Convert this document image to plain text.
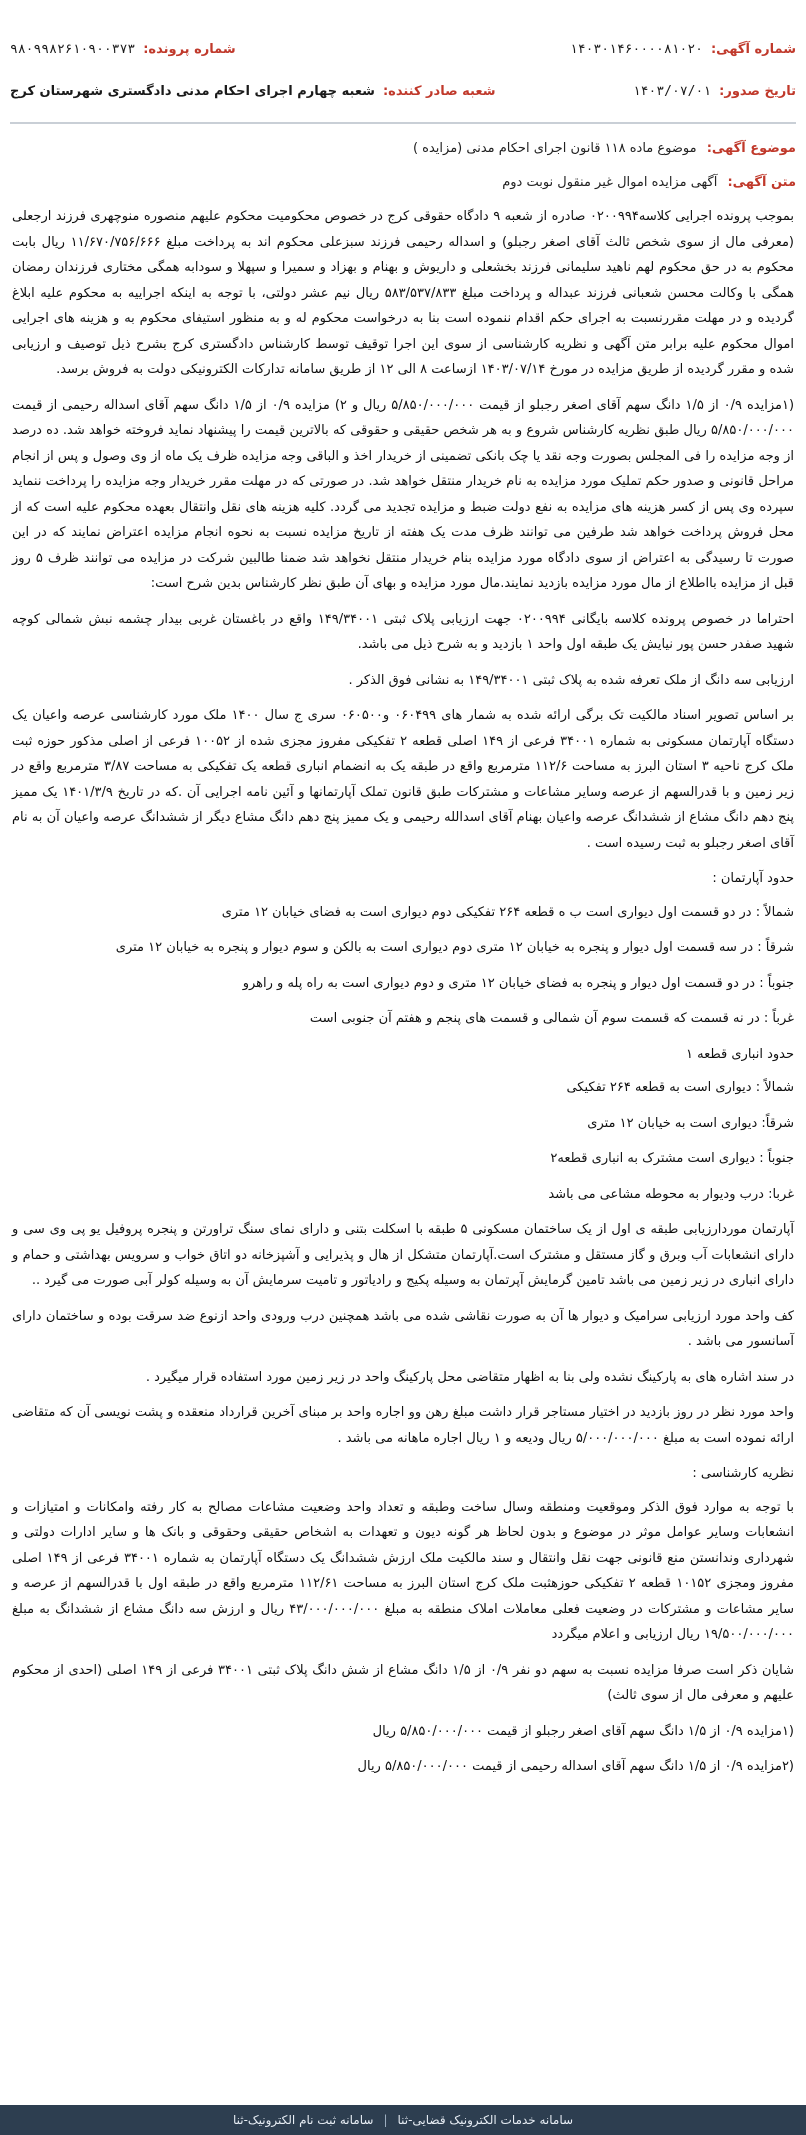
شماره آگهی:
۱۴۰۳۰۱۴۶۰۰۰۰۸۱۰۲۰
شماره پرونده:
۹۸۰۹۹۸۲۶۱۰۹۰۰۳۷۳
تاریخ صدور:
۱۴۰۳/۰۷/۰۱
شعبه صادر کننده:
شعبه چهارم اجرای احکام مدنی دادگستری شهرستان کرج
موضوع آگهی: موضوع ماده ۱۱۸ قانون اجرای احکام مدنی (مزایده )
متن آگهی: آگهی مزایده اموال غیر منقول نوبت دوم

بموجب پرونده اجرایی کلاسه۰۲۰۰۹۹۴ صادره از شعبه ۹ دادگاه حقوقی کرج در خصوص محکومیت محکوم علیهم منصوره منوچهری فرزند ارجعلی (معرفی مال از سوی شخص ثالث آقای اصغر رجبلو) و اسداله رحیمی فرزند سبزعلی محکوم اند به پرداخت مبلغ ۱۱/۶۷۰/۷۵۶/۶۶۶ ریال بابت محکوم به در حق محکوم لهم ناهید سلیمانی فرزند بخشعلی و داریوش و بهنام و بهزاد و سمیرا و سپهلا و سودابه همگی مختاری فرزندان رمضان همگی با وکالت محسن شعبانی فرزند عبداله و پرداخت مبلغ ۵۸۳/۵۳۷/۸۳۳ ریال نیم عشر دولتی، با توجه به اینکه اجراییه به محکوم علیه ابلاغ گردیده و در مهلت مقررنسبت به اجرای حکم اقدام ننموده است بنا به درخواست محکوم له و به منظور استیفای محکوم به و هزینه های اجرایی اموال محکوم علیه برابر متن آگهی و نظریه کارشناسی از سوی این اجرا توقیف توسط کارشناس دادگستری کرج بشرح ذیل توصیف و ارزیابی شده و مقرر گردیده از طریق مزایده در مورخ ۱۴۰۳/۰۷/۱۴ ازساعت ۸ الی ۱۲ از طریق سامانه تدارکات الکترونیکی دولت به فروش برسد.

(۱مزایده ۰/۹ از ۱/۵ دانگ سهم آقای اصغر رجبلو از قیمت ۵/۸۵۰/۰۰۰/۰۰۰ ریال و ۲) مزایده ۰/۹ از ۱/۵ دانگ سهم آقای اسداله رحیمی از قیمت ۵/۸۵۰/۰۰۰/۰۰۰ ریال طبق نظریه کارشناس شروع و به هر شخص حقیقی و حقوقی که بالاترین قیمت را پیشنهاد نماید فروخته خواهد شد. ده درصد از وجه مزایده را فی المجلس بصورت وجه نقد یا چک بانکی تضمینی از خریدار اخذ و الباقی وجه مزایده ظرف یک ماه از وی وصول و پس از انجام مراحل قانونی و صدور حکم تملیک مورد مزایده به نام خریدار منتقل خواهد شد. در صورتی که در مهلت مقرر خریدار وجه مزایده را پرداخت ننماید سپرده وی پس از کسر هزینه های مزایده به نفع دولت ضبط و مزایده تجدید می گردد. کلیه هزینه های نقل وانتقال بعهده محکوم علیه است که از محل فروش پرداخت خواهد شد طرفین می توانند ظرف مدت یک هفته از تاریخ مزایده نسبت به نحوه انجام مزایده اعتراض نمایند که در این صورت تا رسیدگی به اعتراض از سوی دادگاه مورد مزایده بنام خریدار منتقل نخواهد شد ضمنا طالبین شرکت در مزایده می توانند ظرف ۵ روز قبل از مزایده بااطلاع از مال مورد مزایده بازدید نمایند.مال مورد مزایده و بهای آن طبق نظر کارشناس بدین شرح است:

احتراما در خصوص پرونده کلاسه بایگانی ۰۲۰۰۹۹۴ جهت ارزیابی پلاک ثبتی ۱۴۹/۳۴۰۰۱ واقع در باغستان غربی بیدار چشمه نبش شمالی کوچه شهید صفدر حسن پور نیایش یک طبقه اول واحد ۱ بازدید و به شرح ذیل می باشد.

ارزیابی سه دانگ از ملک تعرفه شده به پلاک ثبتی ۱۴۹/۳۴۰۰۱ به نشانی فوق الذکر .

بر اساس تصویر اسناد مالکیت تک برگی ارائه شده به شمار های ۰۶۰۴۹۹ و۰۶۰۵۰۰ سری ج سال ۱۴۰۰ ملک مورد کارشناسی عرصه واعیان یک دستگاه آپارتمان مسکونی به شماره ۳۴۰۰۱ فرعی از ۱۴۹ اصلی قطعه ۲ تفکیکی مفروز مجزی شده از ۱۰۰۵۲ فرعی از اصلی مذکور حوزه ثبت ملک کرج ناحیه ۳ استان البرز به مساحت ۱۱۲/۶ مترمربع واقع در طبقه یک به انضمام انباری قطعه یک تفکیکی به مساحت ۳/۸۷ مترمربع واقع در زیر زمین و با قدرالسهم از عرصه وسایر مشاعات و مشترکات طبق قانون تملک آپارتمانها و آئین نامه اجرایی آن .که در تاریخ ۱۴۰۱/۳/۹ یک ممیز پنج دهم دانگ مشاع از ششدانگ عرصه واعیان بهنام آقای اسدالله رحیمی و یک ممیز پنج دهم دانگ مشاع دیگر از ششدانگ عرصه واعیان آن به نام آقای اصغر رجبلو به ثبت رسیده است .

حدود آپارتمان :

شمالاً : در دو قسمت اول دیواری است ب ه قطعه ۲۶۴ تفکیکی دوم دیواری است به فضای خیابان ۱۲ متری

شرقاً : در سه قسمت اول دیوار و پنجره به خیابان ۱۲ متری دوم دیواری است به بالکن و سوم دیوار و پنجره به خیابان ۱۲ متری

جنوباً : در دو قسمت اول دیوار و پنجره به فضای خیابان ۱۲ متری و دوم دیواری است به راه پله و راهرو

غرباً : در نه قسمت که قسمت سوم آن شمالی و قسمت های پنجم و هفتم آن جنوبی است

حدود انباری قطعه ۱

شمالاً : دیواری است به قطعه ۲۶۴ تفکیکی

شرقاً: دیواری است به خیابان ۱۲ متری

جنوباً : دیواری است مشترک به انباری قطعه۲

غربا: درب ودیوار به محوطه مشاعی می باشد

آپارتمان موردارزیابی طبقه ی اول از یک ساختمان مسکونی ۵ طبقه با اسکلت بتنی و دارای نمای سنگ تراورتن و پنجره پروفیل یو پی وی سی و دارای انشعابات آب وبرق و گاز مستقل و مشترک است.آپارتمان متشکل از هال و پذیرایی و آشپزخانه دو اتاق خواب و سرویس بهداشتی و حمام و دارای انباری در زیر زمین می باشد تامین گرمایش آپرتمان به وسیله پکیج و رادیاتور و تامیت سرمایش آن به وسیله کولر آبی صورت می گیرد ..

کف واحد مورد ارزیابی سرامیک و دیوار ها آن به صورت نقاشی شده می باشد همچنین درب ورودی واحد ازنوع ضد سرقت بوده و ساختمان دارای آسانسور می باشد .

در سند اشاره های به پارکینگ نشده ولی بنا به اظهار متقاضی محل پارکینگ واحد در زیر زمین مورد استفاده قرار میگیرد .

واحد مورد نظر در روز بازدید در اختیار مستاجر قرار داشت مبلغ رهن وو اجاره واحد بر مبنای آخرین قرارداد منعقده و پشت نویسی آن که متقاضی ارائه نموده است به مبلغ ۵/۰۰۰/۰۰۰/۰۰۰ ریال ودیعه و ۱ ریال اجاره ماهانه می باشد .

نظریه کارشناسی :

با توجه به موارد فوق الذکر وموقعیت ومنطقه وسال ساخت وطبقه و تعداد واحد وضعیت مشاعات مصالح به کار رفته وامکانات و امتیازات و انشعابات وسایر عوامل موثر در موضوع و بدون لحاظ هر گونه دیون و تعهدات به اشخاص حقیقی وحقوقی و بانک ها و سایر ادارات دولتی و شهرداری وندانستن منع قانونی جهت نقل وانتقال و سند مالکیت ملک ارزش ششدانگ یک دستگاه آپارتمان به شماره ۳۴۰۰۱ فرعی از ۱۴۹ اصلی مفروز ومجزی ۱۰۱۵۲ قطعه ۲ تفکیکی حوزهثبت ملک کرج استان البرز به مساحت ۱۱۲/۶۱ مترمربع واقع در طبقه اول با قدرالسهم از عرصه و سایر مشاعات و مشترکات در وضعیت فعلی معاملات املاک منطقه به مبلغ ۴۳/۰۰۰/۰۰۰/۰۰۰ ریال و ارزش سه دانگ مشاع از ششدانگ به مبلغ ۱۹/۵۰۰/۰۰۰/۰۰۰ ریال ارزیابی و اعلام میگردد

شایان ذکر است صرفا مزایده نسبت به سهم دو نفر ۰/۹ از ۱/۵ دانگ مشاع از شش دانگ پلاک ثبتی ۳۴۰۰۱ فرعی از ۱۴۹ اصلی (احدی از محکوم علیهم و معرفی مال از سوی ثالث)

(۱مزایده ۰/۹ از ۱/۵ دانگ سهم آقای اصغر رجبلو از قیمت ۵/۸۵۰/۰۰۰/۰۰۰ ریال

(۲مزایده ۰/۹ از ۱/۵ دانگ سهم آقای اسداله رحیمی از قیمت ۵/۸۵۰/۰۰۰/۰۰۰ ریال

سامانه خدمات الکترونیک قضایی-ثنا
|
سامانه ثبت نام الکترونیک-ثنا
